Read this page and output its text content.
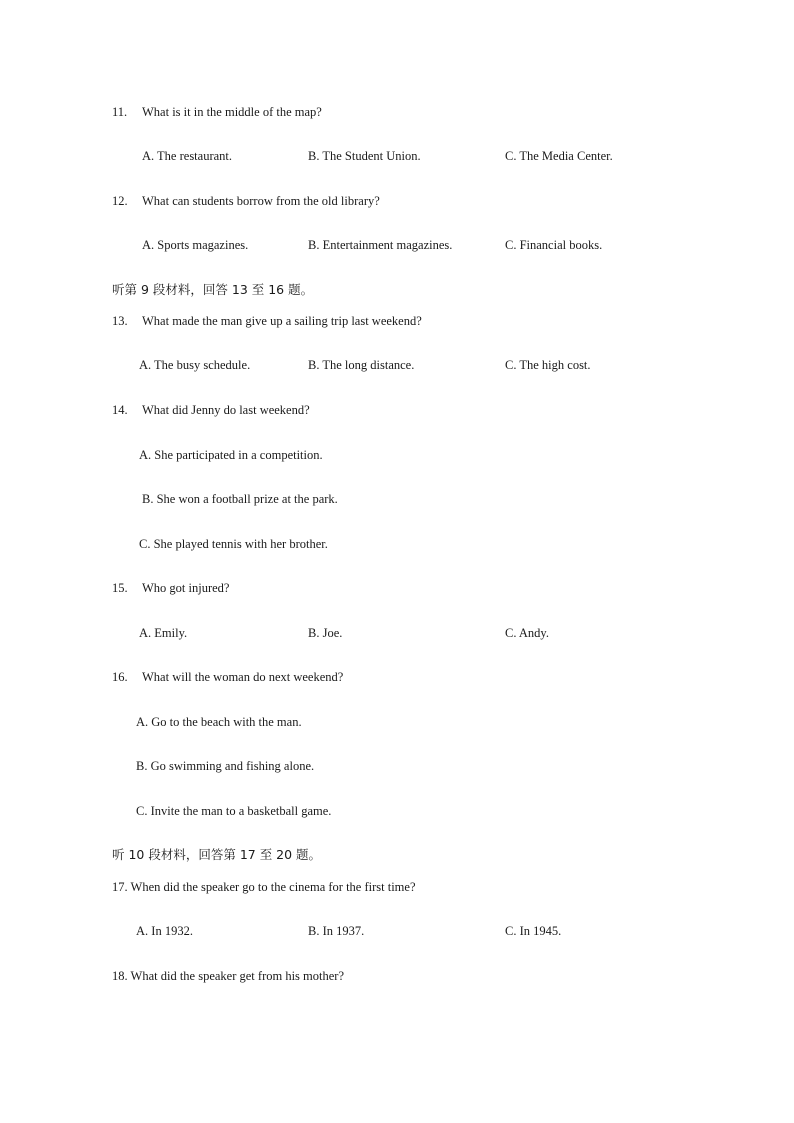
11. What is it in the middle of the map?
A. The restaurant.	B. The Student Union.	C. The Media Center.
12. What can students borrow from the old library?
A. Sports magazines.	B. Entertainment magazines.	C. Financial books.
听第 9 段材料，回答 13 至 16 题。
13. What made the man give up a sailing trip last weekend?
A. The busy schedule.	B. The long distance.	C. The high cost.
14. What did Jenny do last weekend?
A. She participated in a competition.
B. She won a football prize at the park.
C. She played tennis with her brother.
15. Who got injured?
A. Emily.	B. Joe.	C. Andy.
16. What will the woman do next weekend?
A. Go to the beach with the man.
B. Go swimming and fishing alone.
C. Invite the man to a basketball game.
听 10 段材料，回答第 17 至 20 题。
17. When did the speaker go to the cinema for the first time?
A. In 1932.	B. In 1937.	C. In 1945.
18. What did the speaker get from his mother?
